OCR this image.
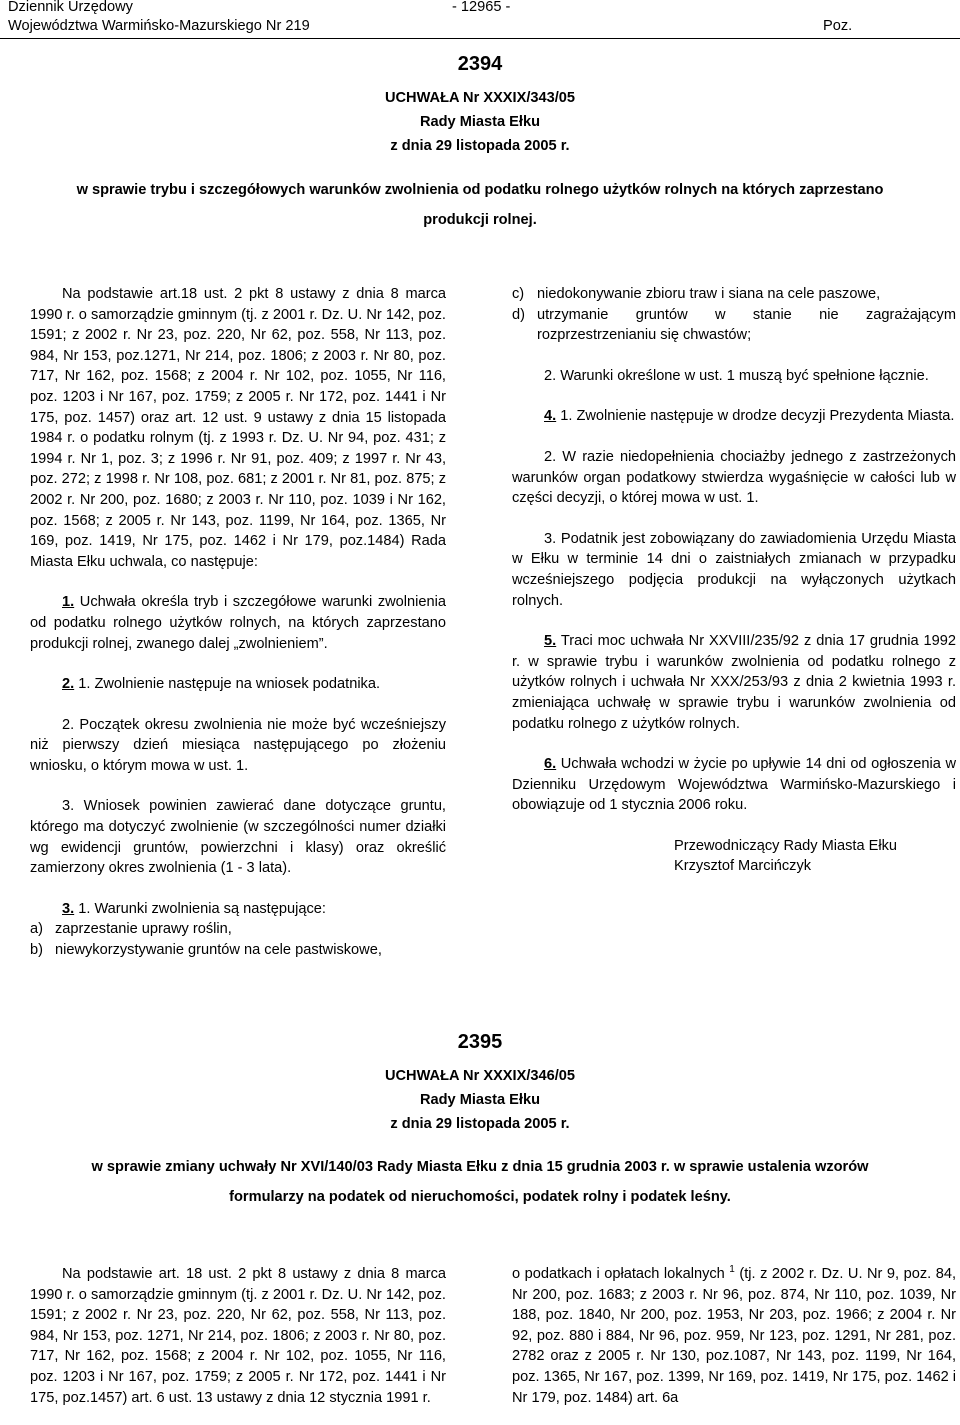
Dziennik Urzędowy
Województwa Warmińsko-Mazurskiego Nr 219
- 12965 -
Poz.
2394
UCHWAŁA Nr XXXIX/343/05
Rady Miasta Ełku
z dnia 29 listopada 2005 r.
w sprawie trybu i szczegółowych warunków zwolnienia od podatku rolnego użytków rolnych na których zaprzestano
produkcji rolnej.

Na podstawie art.18 ust. 2 pkt 8 ustawy z dnia 8 marca 1990 r. o samorządzie gminnym (tj. z 2001 r. Dz. U. Nr 142, poz. 1591; z 2002 r. Nr 23, poz. 220, Nr 62, poz. 558, Nr 113, poz. 984, Nr 153, poz.1271, Nr 214, poz. 1806; z 2003 r. Nr 80, poz. 717, Nr 162, poz. 1568; z 2004 r. Nr 102, poz. 1055, Nr 116, poz. 1203 i Nr 167, poz. 1759; z 2005 r. Nr 172, poz. 1441 i Nr 175, poz. 1457) oraz art. 12 ust. 9 ustawy z dnia 15 listopada 1984 r. o podatku rolnym (tj. z 1993 r. Dz. U. Nr 94, poz. 431; z 1994 r. Nr 1, poz. 3; z 1996 r. Nr 91, poz. 409; z 1997 r. Nr 43, poz. 272; z 1998 r. Nr 108, poz. 681; z 2001 r. Nr 81, poz. 875; z 2002 r. Nr 200, poz. 1680; z 2003 r. Nr 110, poz. 1039 i Nr 162, poz. 1568; z 2005 r. Nr 143, poz. 1199, Nr 164, poz. 1365, Nr 169, poz. 1419, Nr 175, poz. 1462 i Nr 179, poz.1484) Rada Miasta Ełku uchwala, co następuje:

1. Uchwała określa tryb i szczegółowe warunki zwolnienia od podatku rolnego użytków rolnych, na których zaprzestano produkcji rolnej, zwanego dalej „zwolnieniem”.

2. 1. Zwolnienie następuje na wniosek podatnika.

2. Początek okresu zwolnienia nie może być wcześniejszy niż pierwszy dzień miesiąca następującego po złożeniu wniosku, o którym mowa w ust. 1.

3. Wniosek powinien zawierać dane dotyczące gruntu, którego ma dotyczyć zwolnienie (w szczególności numer działki wg ewidencji gruntów, powierzchni i klasy) oraz określić zamierzony okres zwolnienia (1 - 3 lata).

3. 1. Warunki zwolnienia są następujące:

a) zaprzestanie uprawy roślin,
b) niewykorzystywanie gruntów na cele pastwiskowe,
c) niedokonywanie zbioru traw i siana na cele paszowe,
d) utrzymanie gruntów w stanie nie zagrażającym rozprzestrzenianiu się chwastów;

2. Warunki określone w ust. 1 muszą być spełnione łącznie.

4. 1. Zwolnienie następuje w drodze decyzji Prezydenta Miasta.

2. W razie niedopełnienia chociażby jednego z zastrzeżonych warunków organ podatkowy stwierdza wygaśnięcie w całości lub w części decyzji, o której mowa w ust. 1.

3. Podatnik jest zobowiązany do zawiadomienia Urzędu Miasta w Ełku w terminie 14 dni o zaistniałych zmianach w przypadku wcześniejszego podjęcia produkcji na wyłączonych użytkach rolnych.

5. Traci moc uchwała Nr XXVIII/235/92 z dnia 17 grudnia 1992 r. w sprawie trybu i warunków zwolnienia od podatku rolnego z użytków rolnych i uchwała Nr XXX/253/93 z dnia 2 kwietnia 1993 r. zmieniająca uchwałę w sprawie trybu i warunków zwolnienia od podatku rolnego z użytków rolnych.

6. Uchwała wchodzi w życie po upływie 14 dni od ogłoszenia w Dzienniku Urzędowym Województwa Warmińsko-Mazurskiego i obowiązuje od 1 stycznia 2006 roku.

Przewodniczący Rady Miasta Ełku
Krzysztof Marcińczyk
2395
UCHWAŁA Nr XXXIX/346/05
Rady Miasta Ełku
z dnia 29 listopada 2005 r.
w sprawie zmiany uchwały Nr XVI/140/03 Rady Miasta Ełku z dnia 15 grudnia 2003 r. w sprawie ustalenia wzorów
formularzy na podatek od nieruchomości, podatek rolny i podatek leśny.

Na podstawie art. 18 ust. 2 pkt 8 ustawy z dnia 8 marca 1990 r. o samorządzie gminnym (tj. z 2001 r. Dz. U. Nr 142, poz. 1591; z 2002 r. Nr 23, poz. 220, Nr 62, poz. 558, Nr 113, poz. 984, Nr 153, poz. 1271, Nr 214, poz. 1806; z 2003 r. Nr 80, poz. 717, Nr 162, poz. 1568; z 2004 r. Nr 102, poz. 1055, Nr 116, poz. 1203 i Nr 167, poz. 1759; z 2005 r. Nr 172, poz. 1441 i Nr 175, poz.1457) art. 6 ust. 13 ustawy z dnia 12 stycznia 1991 r.

o podatkach i opłatach lokalnych $^1$ (tj. z 2002 r. Dz. U. Nr 9, poz. 84, Nr 200, poz. 1683; z 2003 r. Nr 96, poz. 874, Nr 110, poz. 1039, Nr 188, poz. 1840, Nr 200, poz. 1953, Nr 203, poz. 1966; z 2004 r. Nr 92, poz. 880 i 884, Nr 96, poz. 959, Nr 123, poz. 1291, Nr 281, poz. 2782 oraz z 2005 r. Nr 130, poz.1087, Nr 143, poz. 1199, Nr 164, poz. 1365, Nr 167, poz. 1399, Nr 169, poz. 1419, Nr 175, poz. 1462 i Nr 179, poz. 1484) art. 6a
